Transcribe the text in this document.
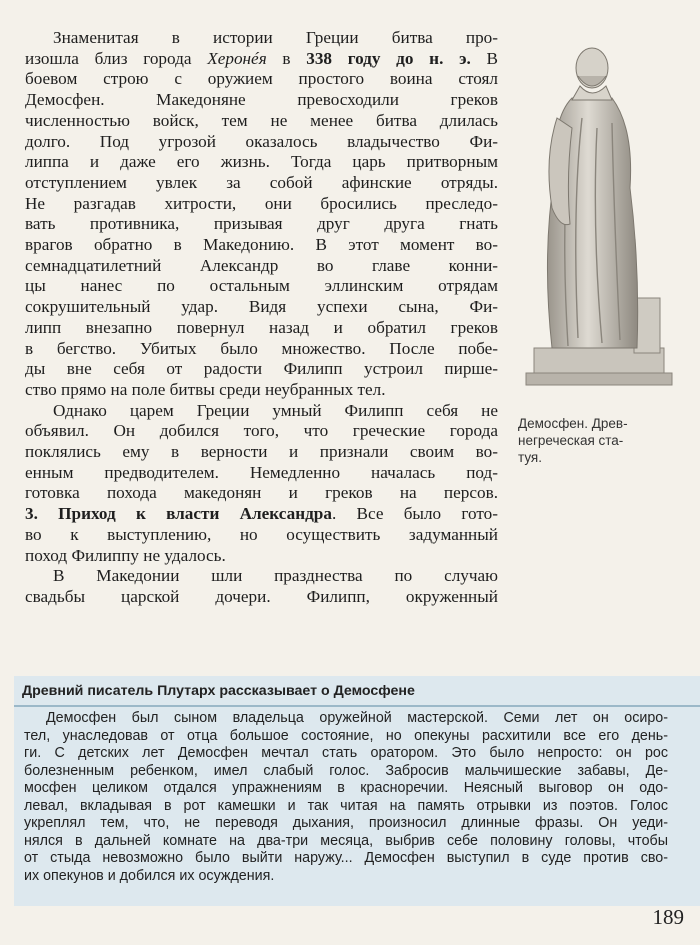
Знаменитая в истории Греции битва про-
изошла близ города Херонéя в 338 году до н. э. В
боевом строю с оружием простого воина стоял
Демосфен. Македоняне превосходили греков
численностью войск, тем не менее битва длилась
долго. Под угрозой оказалось владычество Фи-
липпа и даже его жизнь. Тогда царь притворным
отступлением увлек за собой афинские отряды.
Не разгадав хитрости, они бросились преследо-
вать противника, призывая друг друга гнать
врагов обратно в Македонию. В этот момент во-
семнадцатилетний Александр во главе конни-
цы нанес по остальным эллинским отрядам
сокрушительный удар. Видя успехи сына, Фи-
липп внезапно повернул назад и обратил греков
в бегство. Убитых было множество. После побе-
ды вне себя от радости Филипп устроил пирше-
ство прямо на поле битвы среди неубранных тел.

Однако царем Греции умный Филипп себя не
объявил. Он добился того, что греческие города
поклялись ему в верности и признали своим во-
енным предводителем. Немедленно началась под-
готовка похода македонян и греков на персов.
3. Приход к власти Александра. Все было гото-
во к выступлению, но осуществить задуманный
поход Филиппу не удалось.

В Македонии шли празднества по случаю
свадьбы царской дочери. Филипп, окруженный

Демосфен. Древ-
негреческая ста-
туя.
Древний писатель Плутарх рассказывает о Демосфене
Демосфен был сыном владельца оружейной мастерской. Семи лет он осиро-
тел, унаследовав от отца большое состояние, но опекуны расхитили все его день-
ги. С детских лет Демосфен мечтал стать оратором. Это было непросто: он рос
болезненным ребенком, имел слабый голос. Забросив мальчишеские забавы, Де-
мосфен целиком отдался упражнениям в красноречии. Неясный выговор он одо-
левал, вкладывая в рот камешки и так читая на память отрывки из поэтов. Голос
укреплял тем, что, не переводя дыхания, произносил длинные фразы. Он уеди-
нялся в дальней комнате на два-три месяца, выбрив себе половину головы, чтобы
от стыда невозможно было выйти наружу... Демосфен выступил в суде против сво-
их опекунов и добился их осуждения.
189
